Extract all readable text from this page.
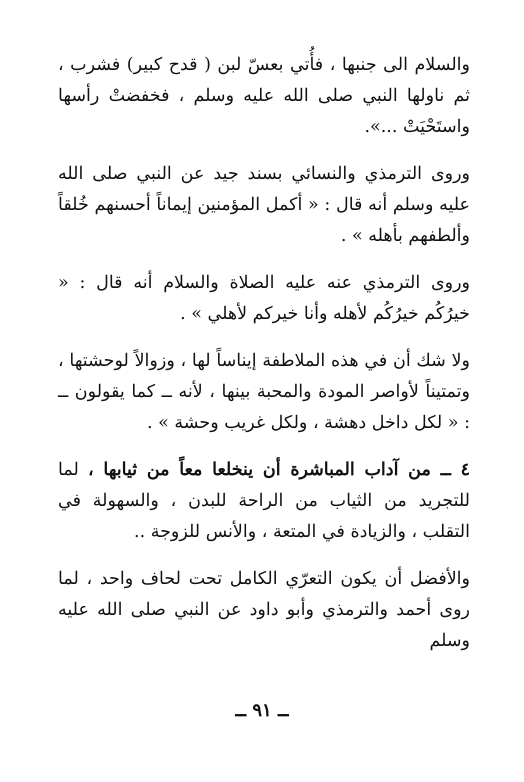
والسلام الى جنبها ، فأُتي بعسّ لبن ( قدح كبير) فشرب ، ثم ناولها النبي صلى الله عليه وسلم ، فخفضتْ رأسها واستَحْيَتْ ...».

وروى الترمذي والنسائي بسند جيد عن النبي صلى الله عليه وسلم أنه قال : « أكمل المؤمنين إيماناً أحسنهم خُلقاً وألطفهم بأهله » .

وروى الترمذي عنه عليه الصلاة والسلام أنه قال : « خيرُكُم خيرُكُم لأهله وأنا خيركم لأهلي » .

ولا شك أن في هذه الملاطفة إيناساً لها ، وزوالاً لوحشتها ، وتمتيناً لأواصر المودة والمحبة بينها ، لأنه ــ كما يقولون ــ : « لكل داخل دهشة ، ولكل غريب وحشة » .

٤ ــ من آداب المباشرة أن ينخلعا معاً من ثيابها ، لما للتجريد من الثياب من الراحة للبدن ، والسهولة في التقلب ، والزيادة في المتعة ، والأنس للزوجة ..

والأفضل أن يكون التعرّي الكامل تحت لحاف واحد ، لما روى أحمد والترمذي وأبو داود عن النبي صلى الله عليه وسلم

ــ ٩١ ــ
